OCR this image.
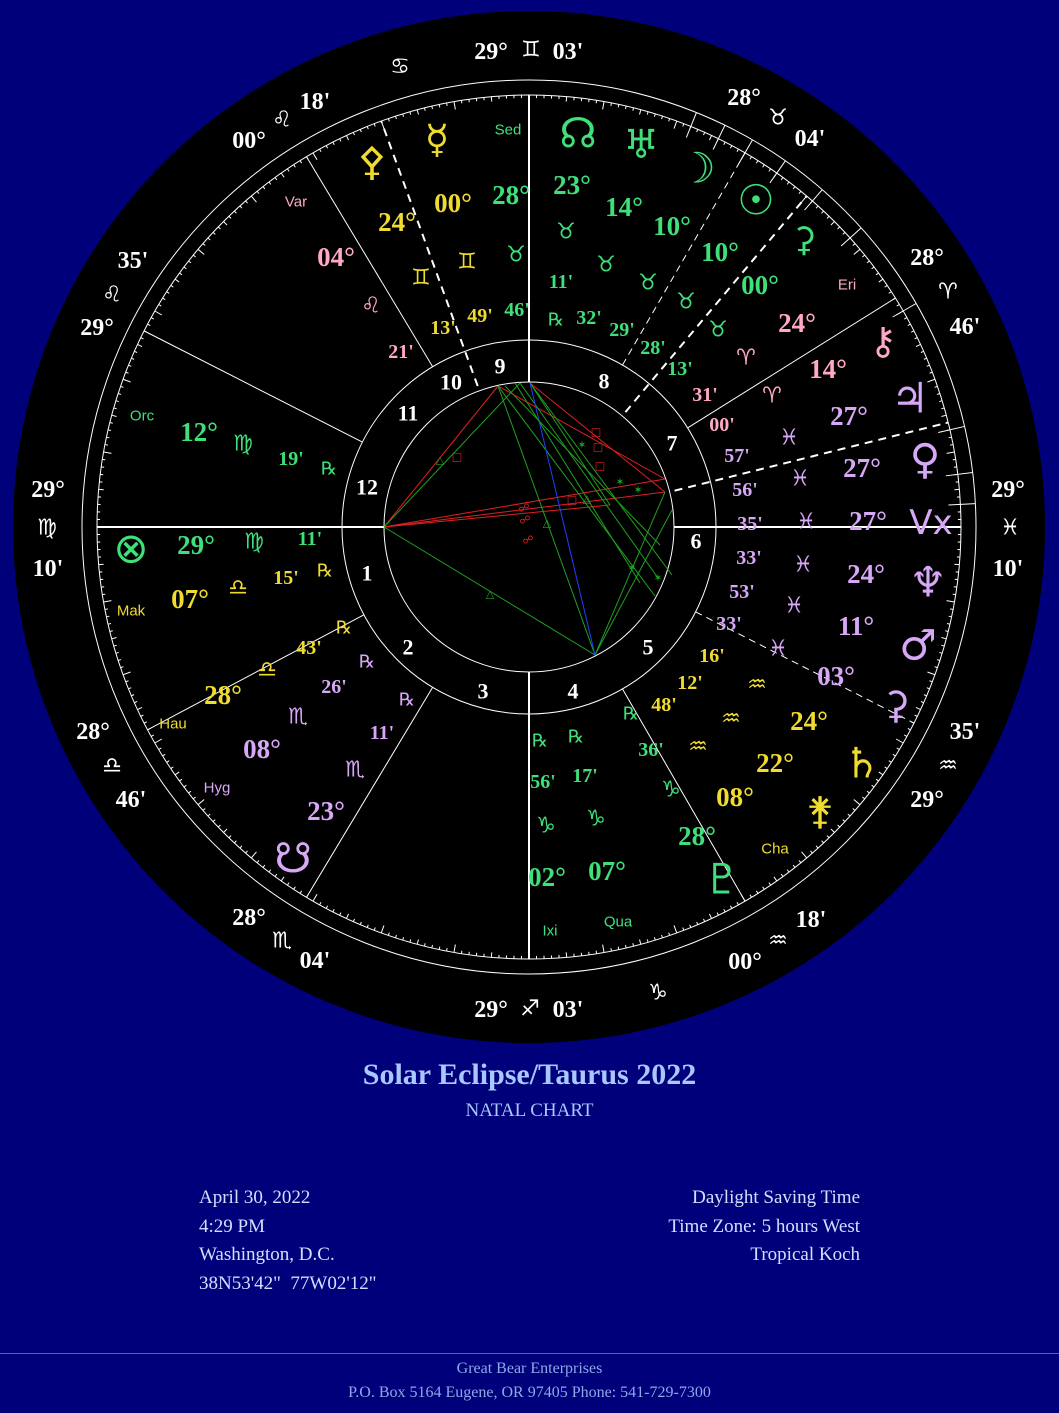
□
□
□
□
□
△
△
△
△
✶
✶
✶
✶
✶
☍
☍
☍
1
2
3	4
5
6
7
8
9
10
11
12
29° ♊ 03'
♋
18'
♌
00°
35'
♌
29°
29°
♍
10'
28°
♎
46'
28°
♏
04'
29° ♐ 03'
♑
00°
♒
18'
29°
♒
35'
29°
♓
10'
28°
♈
46'
28°
♉
04'
⚴
24°
♊
13'
☿
00°
♊
49'
28°
♉
46'
☊
23°
♉
11'
℞
♅
14°
♉
32'
☽
10°
♉
29'
☉
10°
♉
28'
⚳
00°
♉
13'
⚷
14°
♈
00'
♃
27°
♓
57'	♀
27°
♓
56'
Vx
27°
♓
35'
♆
24°
♓
33'
♂
11°
♓
53'
⚳
03°
♓
33'
♄
24°
♒
16'
⚵
22°
♒
12'
08°
♒
48'
♇
28°
♑
36'
℞
☋
23°
♏
11'
℞
08°
♏
26'
℞
⊗ 29° ♍ 11'
07° ♎ 15' ℞
28°
♎
43'
℞
12° ♍
19' ℞
04°
♌
21'
02°
♑
56'
℞
07°
♑
17'
℞
24°
♈
31'
Sed
Var
Eri
Orc
Mak
Hau
Hyg
Cha
Ixi
Qua
Solar Eclipse/Taurus 2022
NATAL CHART
April 30, 2022
4:29 PM
Washington, D.C.
38N53'42"  77W02'12"
Daylight Saving Time
Time Zone: 5 hours West
Tropical Koch
Great Bear Enterprises
P.O. Box 5164 Eugene, OR 97405 Phone: 541-729-7300
